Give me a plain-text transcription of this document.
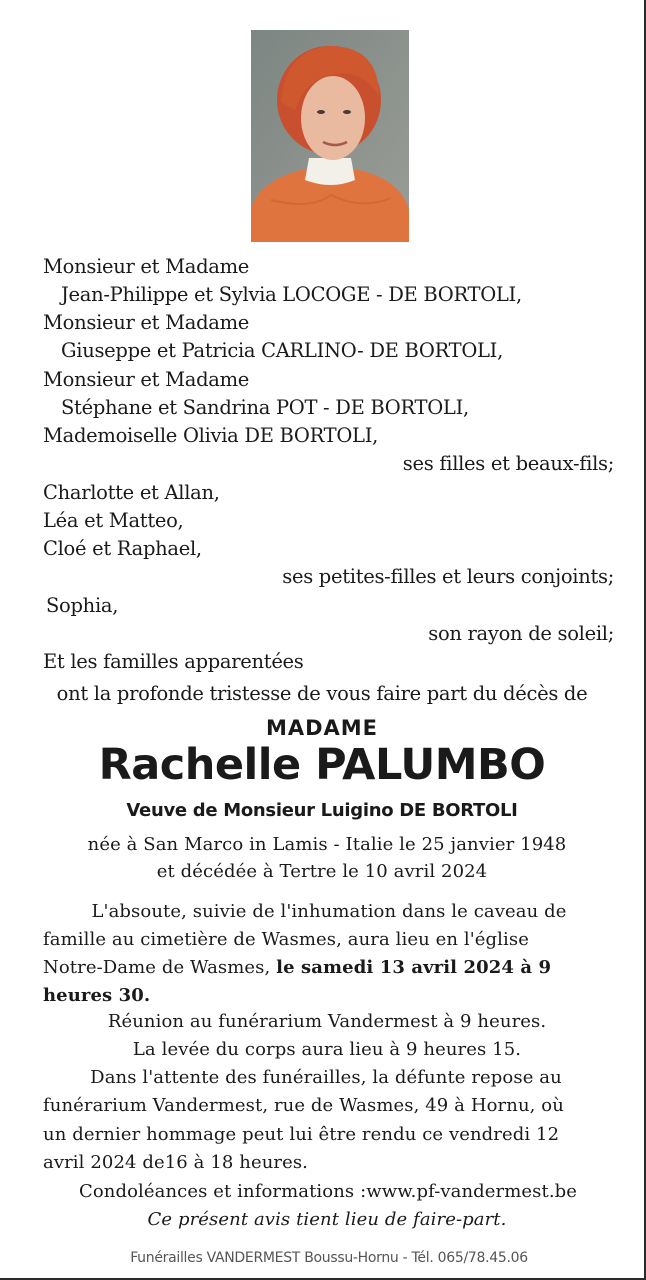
Monsieur et Madame
Jean-Philippe et Sylvia LOCOGE - DE BORTOLI,
Monsieur et Madame
Giuseppe et Patricia CARLINO- DE BORTOLI,
Monsieur et Madame
Stéphane et Sandrina POT - DE BORTOLI,
Mademoiselle Olivia DE BORTOLI,
ses filles et beaux-fils;
Charlotte et Allan,
Léa et Matteo,
Cloé et Raphael,
ses petites-filles et leurs conjoints;
Sophia,
son rayon de soleil;
Et les familles apparentées
ont la profonde tristesse de vous faire part du décès de
MADAME
Rachelle PALUMBO
Veuve de Monsieur Luigino DE BORTOLI
née à San Marco in Lamis - Italie le 25 janvier 1948
et décédée à Tertre le 10 avril 2024
L'absoute, suivie de l'inhumation dans le caveau de
famille au cimetière de Wasmes, aura lieu en l'église
Notre-Dame de Wasmes, le samedi 13 avril 2024 à 9
heures 30.
Réunion au funérarium Vandermest à 9 heures.
La levée du corps aura lieu à 9 heures 15.
Dans l'attente des funérailles, la défunte repose au
funérarium Vandermest, rue de Wasmes, 49 à Hornu, où
un dernier hommage peut lui être rendu ce vendredi 12
avril 2024 de16 à 18 heures.
Condoléances et informations :www.pf-vandermest.be
Ce présent avis tient lieu de faire-part.
Funérailles VANDERMEST Boussu-Hornu - Tél. 065/78.45.06
